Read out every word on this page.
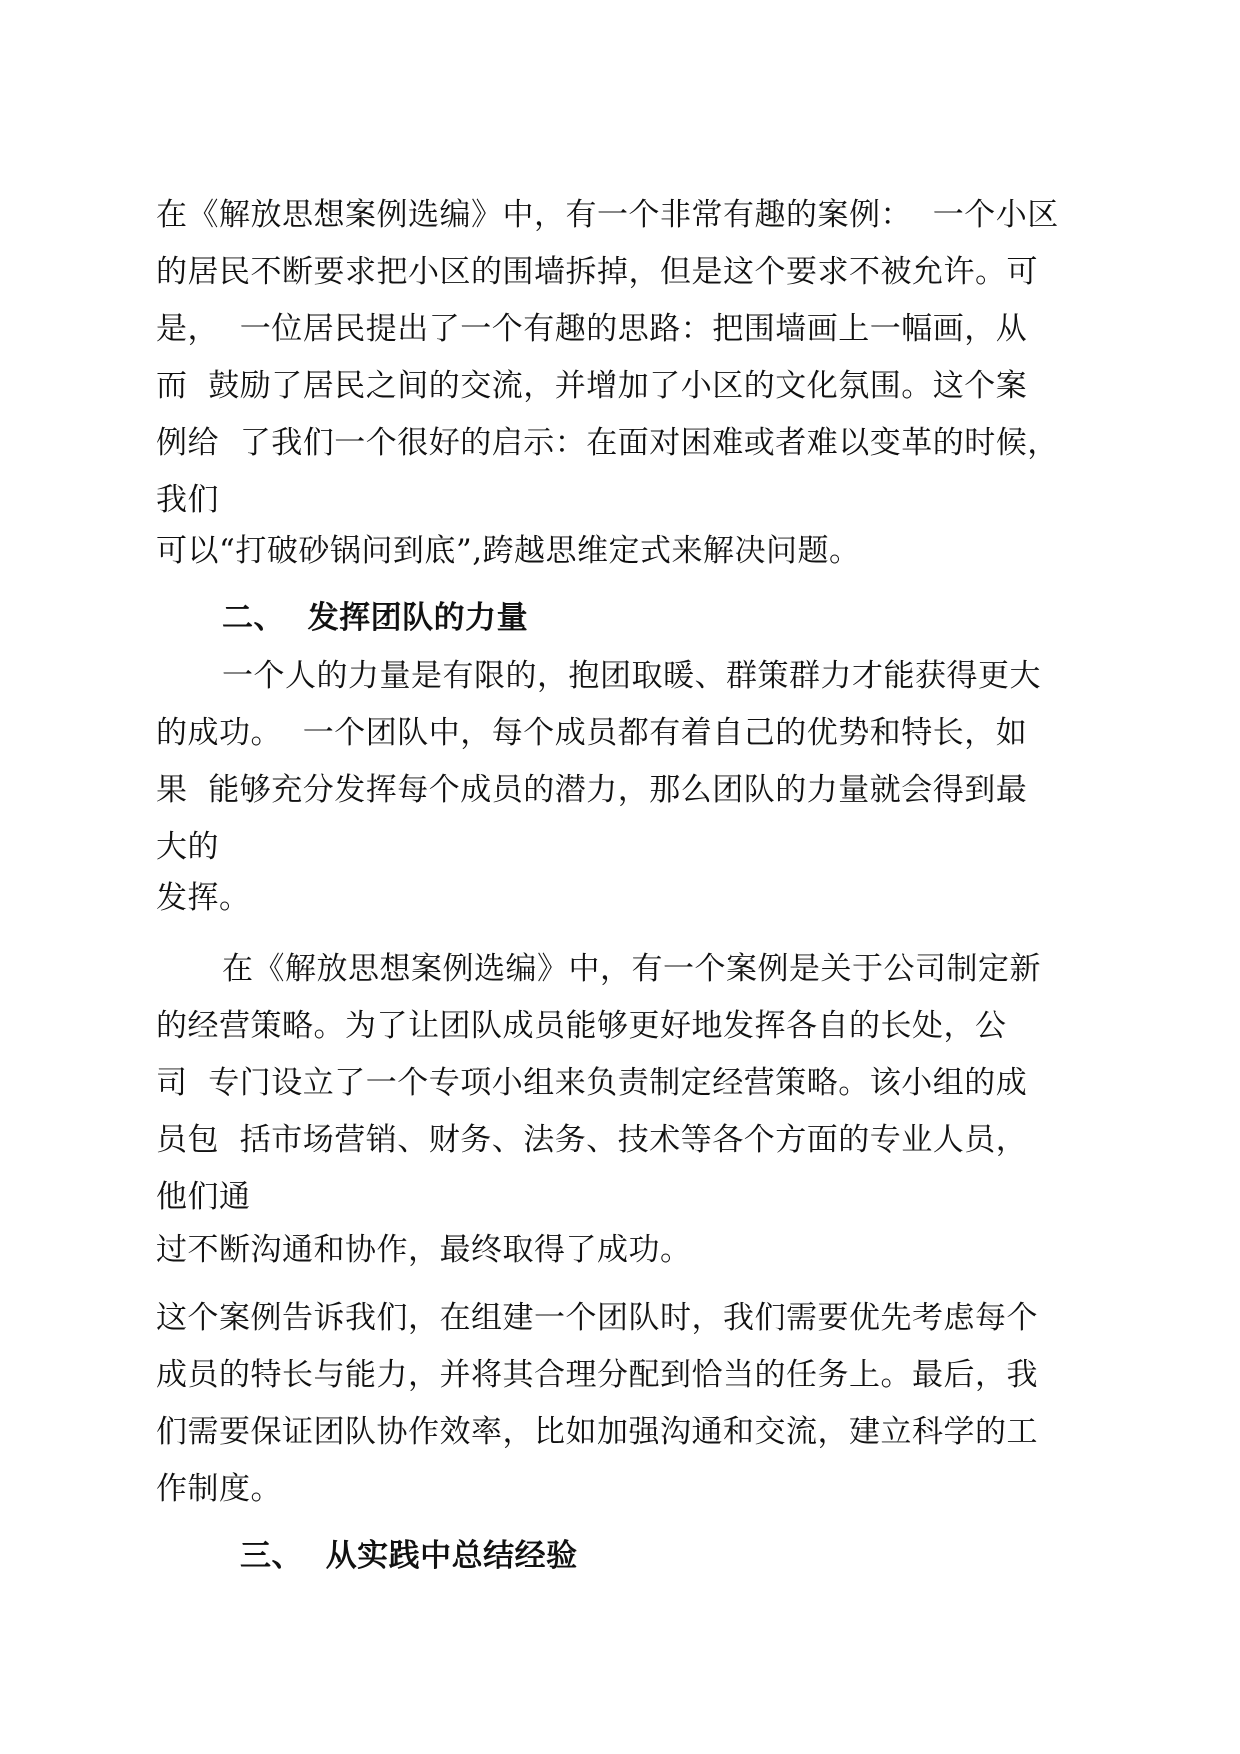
在《解放思想案例选编》中，有一个非常有趣的案例：  一个小区
的居民不断要求把小区的围墙拆掉，但是这个要求不被允许。可
是，  一位居民提出了一个有趣的思路：把围墙画上一幅画，从
而  鼓励了居民之间的交流，并增加了小区的文化氛围。这个案
例给  了我们一个很好的启示：在面对困难或者难以变革的时候，
我们
可以“打破砂锅问到底”,跨越思维定式来解决问题。
二、  发挥团队的力量
一个人的力量是有限的，抱团取暖、群策群力才能获得更大
的成功。  一个团队中，每个成员都有着自己的优势和特长，如
果  能够充分发挥每个成员的潜力，那么团队的力量就会得到最
大的
发挥。
在《解放思想案例选编》中，有一个案例是关于公司制定新
的经营策略。为了让团队成员能够更好地发挥各自的长处，公
司  专门设立了一个专项小组来负责制定经营策略。该小组的成
员包  括市场营销、财务、法务、技术等各个方面的专业人员，
他们通
过不断沟通和协作，最终取得了成功。
这个案例告诉我们，在组建一个团队时，我们需要优先考虑每个
成员的特长与能力，并将其合理分配到恰当的任务上。最后，我
们需要保证团队协作效率，比如加强沟通和交流，建立科学的工
作制度。
三、  从实践中总结经验
